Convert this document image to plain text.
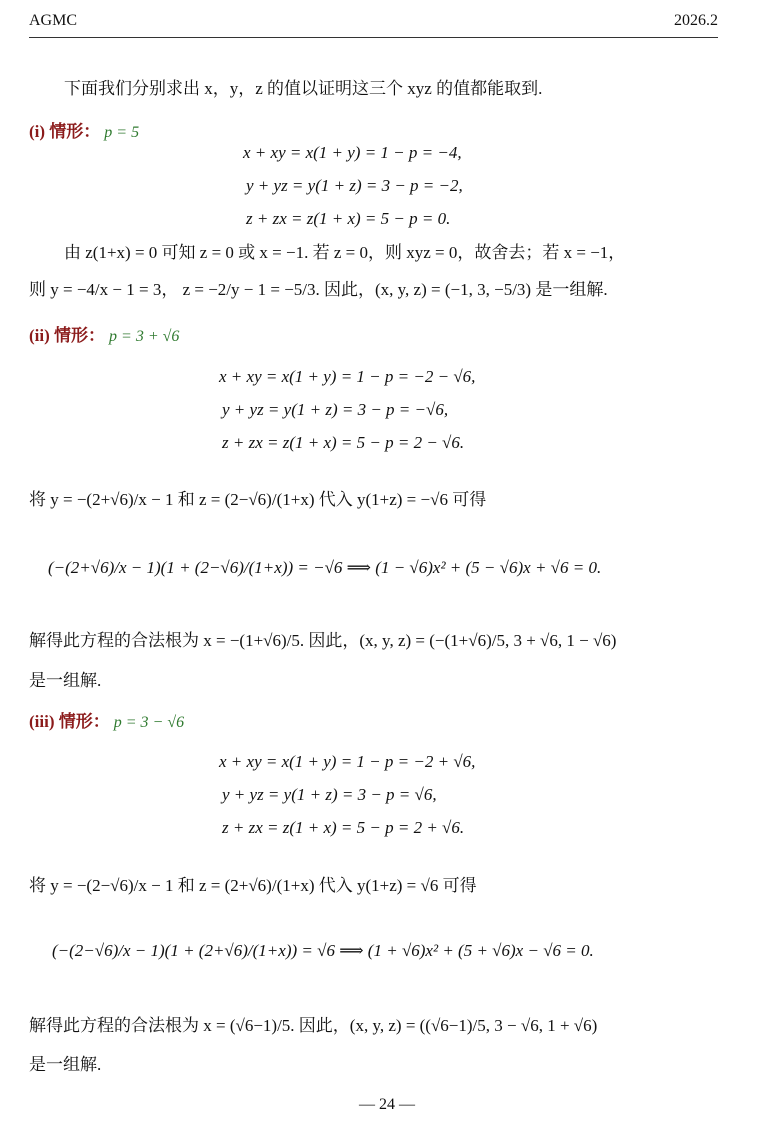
AGMC	2026.2
下面我们分别求出 x，y，z 的值以证明这三个 xyz 的值都能取到.
(i) 情形： p = 5
x + xy = x(1 + y) = 1 − p = −4,
y + yz = y(1 + z) = 3 − p = −2,
z + zx = z(1 + x) = 5 − p = 0.
由 z(1+x) = 0 可知 z = 0 或 x = −1. 若 z = 0，则 xyz = 0，故舍去；若 x = −1，
则 y = −4/x − 1 = 3， z = −2/y − 1 = −5/3. 因此，(x, y, z) = (−1, 3, −5/3) 是一组解.
(ii) 情形： p = 3 + √6
x + xy = x(1 + y) = 1 − p = −2 − √6,
y + yz = y(1 + z) = 3 − p = −√6,
z + zx = z(1 + x) = 5 − p = 2 − √6.
将 y = −(2+√6)/x − 1 和 z = (2−√6)/(1+x) 代入 y(1+z) = −√6 可得
(−(2+√6)/x − 1)(1 + (2−√6)/(1+x)) = −√6 ⟹ (1 − √6)x² + (5 − √6)x + √6 = 0.
解得此方程的合法根为 x = −(1+√6)/5. 因此，(x, y, z) = (−(1+√6)/5, 3 + √6, 1 − √6)
是一组解.
(iii) 情形： p = 3 − √6
x + xy = x(1 + y) = 1 − p = −2 + √6,
y + yz = y(1 + z) = 3 − p = √6,
z + zx = z(1 + x) = 5 − p = 2 + √6.
将 y = −(2−√6)/x − 1 和 z = (2+√6)/(1+x) 代入 y(1+z) = √6 可得
(−(2−√6)/x − 1)(1 + (2+√6)/(1+x)) = √6 ⟹ (1 + √6)x² + (5 + √6)x − √6 = 0.
解得此方程的合法根为 x = (√6−1)/5. 因此，(x, y, z) = ((√6−1)/5, 3 − √6, 1 + √6)
是一组解.
— 24 —
